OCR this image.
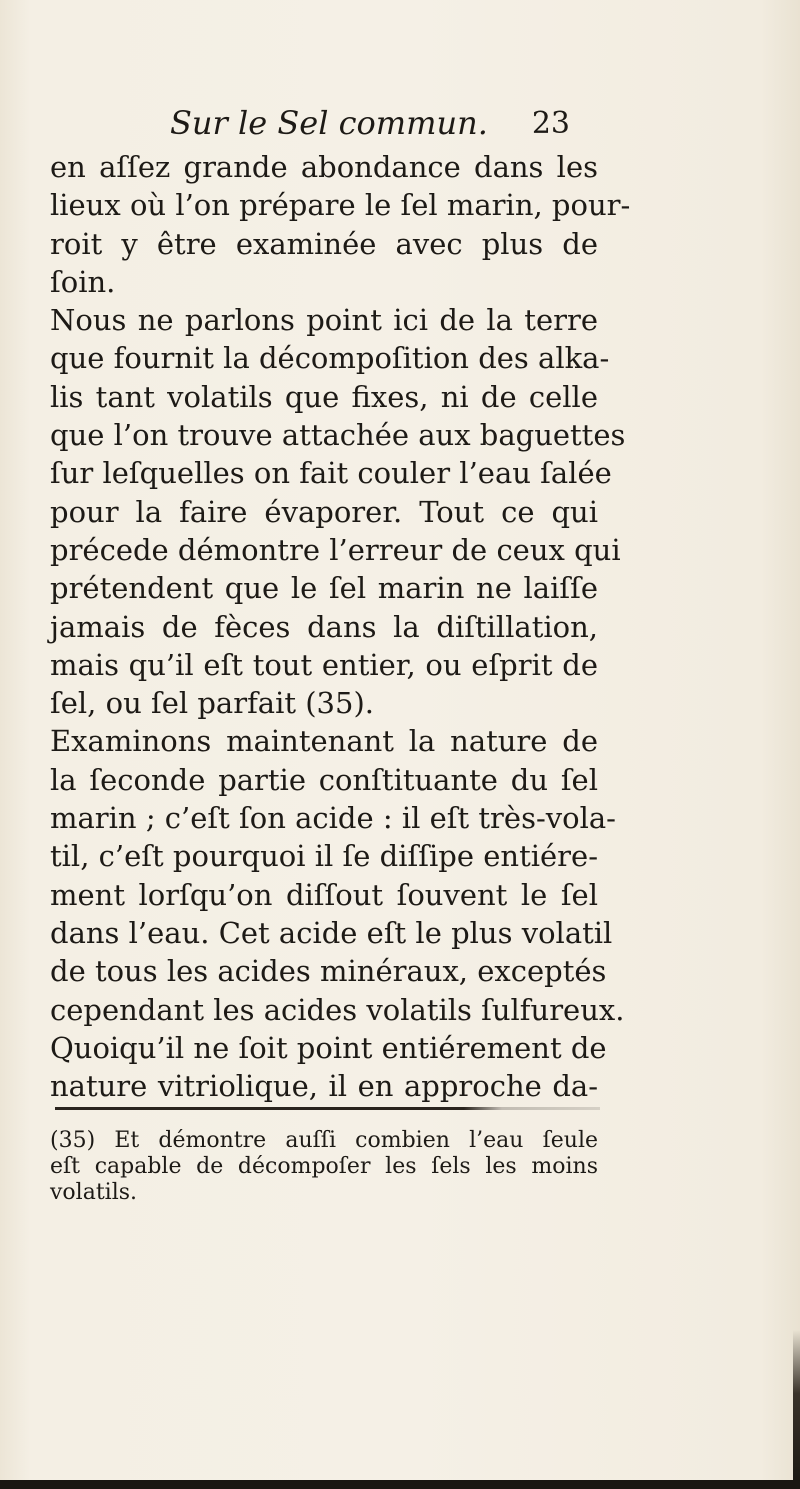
Sur le Sel commun. 23
en aſſez grande abondance dans les
lieux où l’on prépare le ſel marin, pour-
roit y être examinée avec plus de
ſoin.
Nous ne parlons point ici de la terre
que fournit la décompoſition des alka-
lis tant volatils que fixes, ni de celle
que l’on trouve attachée aux baguettes
ſur leſquelles on fait couler l’eau ſalée
pour la faire évaporer. Tout ce qui
précede démontre l’erreur de ceux qui
prétendent que le ſel marin ne laiſſe
jamais de fèces dans la diſtillation,
mais qu’il eſt tout entier, ou eſprit de
ſel, ou ſel parfait (35).
Examinons maintenant la nature de
la ſeconde partie conſtituante du ſel
marin ; c’eſt ſon acide : il eſt très-vola-
til, c’eſt pourquoi il ſe diſſipe entiére-
ment lorſqu’on diſſout ſouvent le ſel
dans l’eau. Cet acide eſt le plus volatil
de tous les acides minéraux, exceptés
cependant les acides volatils ſulfureux.
Quoiqu’il ne ſoit point entiérement de
nature vitriolique, il en approche da-
(35) Et démontre auſſi combien l’eau ſeule
eſt capable de décompoſer les ſels les moins
volatils.
